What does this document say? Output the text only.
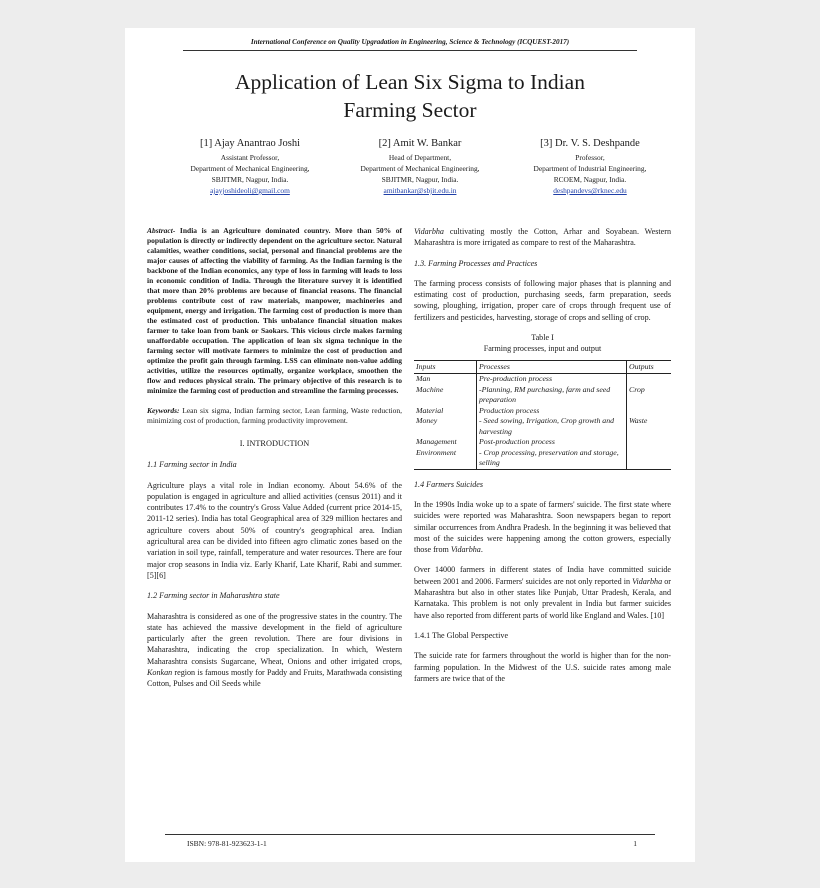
International Conference on Quality Upgradation in Engineering, Science & Technology (ICQUEST-2017)
Application of Lean Six Sigma to Indian
Farming Sector
[1] Ajay Anantrao Joshi
Assistant Professor,
Department of Mechanical Engineering,
SBJITMR, Nagpur, India.
ajayjoshideoli@gmail.com
[2] Amit W. Bankar
Head of Department,
Department of Mechanical Engineering,
SBJITMR, Nagpur, India.
amitbankar@sbjit.edu.in
[3] Dr. V. S. Deshpande
Professor,
Department of Industrial Engineering,
RCOEM, Nagpur, India.
deshpandevs@rknec.edu

Abstract- India is an Agriculture dominated country. More than 50% of population is directly or indirectly dependent on the agriculture sector. Natural calamities, weather conditions, social, personal and financial problems are the major causes of affecting the viability of farming. As the Indian farming is the backbone of the Indian economics, any type of loss in farming will leads to loss in economic condition of India. Through the literature survey it is identified that more than 20% problems are because of financial reasons. The financial problems contribute cost of raw materials, manpower, machineries and equipment, energy and irrigation. The farming cost of production is more than the estimated cost of production. This unbalance financial situation makes farmer to take loan from bank or Saokars. This vicious circle makes farming unaffordable occupation. The application of lean six sigma technique in the farming sector will motivate farmers to minimize the cost of production and optimize the profit gain through farming. LSS can eliminate non-value adding activities, utilize the resources optimally, organize workplace, smoothen the flow and reduces physical strain. The primary objective of this research is to minimize the farming cost of production and streamline the farming processes.

Keywords: Lean six sigma, Indian farming sector, Lean farming, Waste reduction, minimizing cost of production, farming productivity improvement.

I. INTRODUCTION
1.1 Farming sector in India

Agriculture plays a vital role in Indian economy. About 54.6% of the population is engaged in agriculture and allied activities (census 2011) and it contributes 17.4% to the country's Gross Value Added (current price 2014-15, 2011-12 series). India has total Geographical area of 329 million hectares and agriculture covers about 50% of country's geographical area. Indian agricultural area can be divided into fifteen agro climatic zones based on the variation in soil type, rainfall, temperature and water resources. There are four major crop seasons in India viz. Early Kharif, Late Kharif, Rabi and summer. [5][6]

1.2 Farming sector in Maharashtra state

Maharashtra is considered as one of the progressive states in the country. The state has achieved the massive development in the field of agriculture particularly after the green revolution. There are four divisions in Maharashtra, indicating the crop specialization. In which, Western Maharashtra consists Sugarcane, Wheat, Onions and other irrigated crops, Konkan region is famous mostly for Paddy and Fruits, Marathwada consisting Cotton, Pulses and Oil Seeds while

Vidarbha cultivating mostly the Cotton, Arhar and Soyabean. Western Maharashtra is more irrigated as compare to rest of the Maharashtra.

1.3. Farming Processes and Practices

The farming process consists of following major phases that is planning and estimating cost of production, purchasing seeds, farm preparation, seeds sowing, ploughing, irrigation, proper care of crops through frequent use of fertilizers and pesticides, harvesting, storage of crops and selling of crop.

Table I
Farming processes, input and output
Inputs	Processes	Outputs
Man	Pre-production process	
Machine	-Planning, RM purchasing, farm and seed preparation	Crop
Material	Production process	
Money	- Seed sowing, Irrigation, Crop growth and harvesting	Waste
Management	Post-production process	
Environment	- Crop processing, preservation and storage, selling	
1.4 Farmers Suicides

In the 1990s India woke up to a spate of farmers' suicide. The first state where suicides were reported was Maharashtra. Soon newspapers began to report similar occurrences from Andhra Pradesh. In the beginning it was believed that most of the suicides were happening among the cotton growers, especially those from Vidarbha.

Over 14000 farmers in different states of India have committed suicide between 2001 and 2006. Farmers' suicides are not only reported in Vidarbha or Maharashtra but also in other states like Punjab, Uttar Pradesh, Kerala, and Karnataka. This problem is not only prevalent in India but farmer suicides have also reported from different parts of world like England and Wales. [10]

1.4.1 The Global Perspective

The suicide rate for farmers throughout the world is higher than for the non-farming population. In the Midwest of the U.S. suicide rates among male farmers are twice that of the

ISBN: 978-81-923623-1-1	1
